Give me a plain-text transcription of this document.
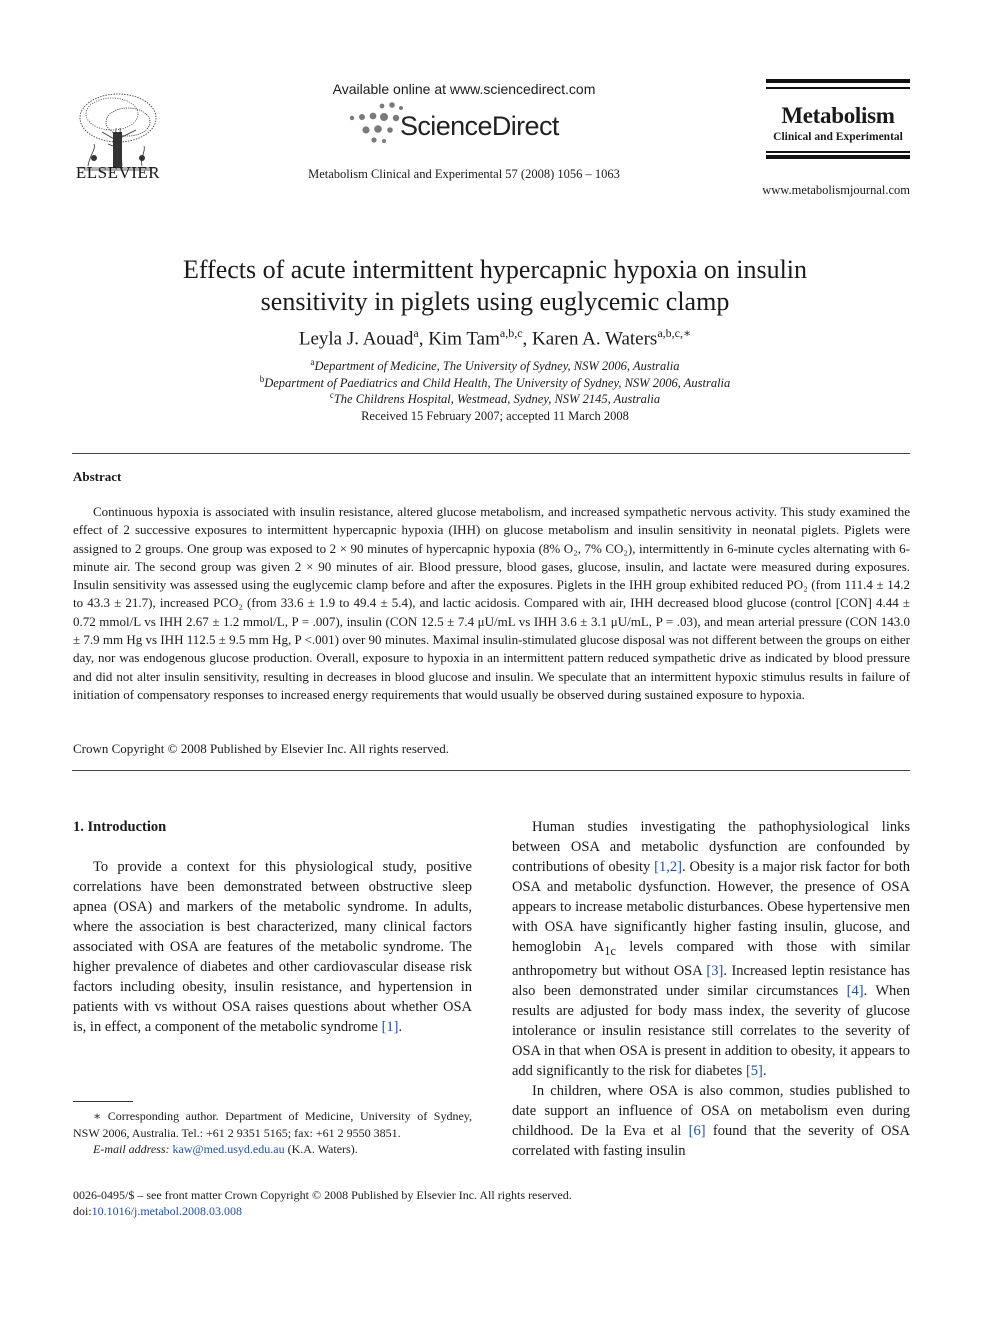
ELSEVIER
Available online at www.sciencedirect.com
ScienceDirect
Metabolism Clinical and Experimental 57 (2008) 1056 – 1063
Metabolism
Clinical and Experimental
www.metabolismjournal.com
Effects of acute intermittent hypercapnic hypoxia on insulin
sensitivity in piglets using euglycemic clamp
Leyla J. Aouad$^a$, Kim Tam$^{a,b,c}$, Karen A. Waters$^{a,b,c,∗}$
$^a$Department of Medicine, The University of Sydney, NSW 2006, Australia
$^b$Department of Paediatrics and Child Health, The University of Sydney, NSW 2006, Australia
$^c$The Childrens Hospital, Westmead, Sydney, NSW 2145, Australia
Received 15 February 2007; accepted 11 March 2008
Abstract
Continuous hypoxia is associated with insulin resistance, altered glucose metabolism, and increased sympathetic nervous activity. This study examined the effect of 2 successive exposures to intermittent hypercapnic hypoxia (IHH) on glucose metabolism and insulin sensitivity in neonatal piglets. Piglets were assigned to 2 groups. One group was exposed to 2 × 90 minutes of hypercapnic hypoxia (8% O₂, 7% CO₂), intermittently in 6-minute cycles alternating with 6-minute air. The second group was given 2 × 90 minutes of air. Blood pressure, blood gases, glucose, insulin, and lactate were measured during exposures. Insulin sensitivity was assessed using the euglycemic clamp before and after the exposures. Piglets in the IHH group exhibited reduced PO₂ (from 111.4 ± 14.2 to 43.3 ± 21.7), increased PCO₂ (from 33.6 ± 1.9 to 49.4 ± 5.4), and lactic acidosis. Compared with air, IHH decreased blood glucose (control [CON] 4.44 ± 0.72 mmol/L vs IHH 2.67 ± 1.2 mmol/L, P = .007), insulin (CON 12.5 ± 7.4 μU/mL vs IHH 3.6 ± 3.1 μU/mL, P = .03), and mean arterial pressure (CON 143.0 ± 7.9 mm Hg vs IHH 112.5 ± 9.5 mm Hg, P <.001) over 90 minutes. Maximal insulin-stimulated glucose disposal was not different between the groups on either day, nor was endogenous glucose production. Overall, exposure to hypoxia in an intermittent pattern reduced sympathetic drive as indicated by blood pressure and did not alter insulin sensitivity, resulting in decreases in blood glucose and insulin. We speculate that an intermittent hypoxic stimulus results in failure of initiation of compensatory responses to increased energy requirements that would usually be observed during sustained exposure to hypoxia.
Crown Copyright © 2008 Published by Elsevier Inc. All rights reserved.

1. Introduction

To provide a context for this physiological study, positive correlations have been demonstrated between obstructive sleep apnea (OSA) and markers of the metabolic syndrome. In adults, where the association is best characterized, many clinical factors associated with OSA are features of the metabolic syndrome. The higher prevalence of diabetes and other cardiovascular disease risk factors including obesity, insulin resistance, and hypertension in patients with vs without OSA raises questions about whether OSA is, in effect, a component of the metabolic syndrome [1].

Human studies investigating the pathophysiological links between OSA and metabolic dysfunction are confounded by contributions of obesity [1,2]. Obesity is a major risk factor for both OSA and metabolic dysfunction. However, the presence of OSA appears to increase metabolic disturbances. Obese hypertensive men with OSA have significantly higher fasting insulin, glucose, and hemoglobin $A_{1c}$ levels compared with those with similar anthropometry but without OSA [3]. Increased leptin resistance has also been demonstrated under similar circumstances [4]. When results are adjusted for body mass index, the severity of glucose intolerance or insulin resistance still correlates to the severity of OSA in that when OSA is present in addition to obesity, it appears to add significantly to the risk for diabetes [5].

In children, where OSA is also common, studies published to date support an influence of OSA on metabolism even during childhood. De la Eva et al [6] found that the severity of OSA correlated with fasting insulin

∗ Corresponding author. Department of Medicine, University of Sydney, NSW 2006, Australia. Tel.: +61 2 9351 5165; fax: +61 2 9550 3851.
E-mail address: kaw@med.usyd.edu.au (K.A. Waters).
0026-0495/$ – see front matter Crown Copyright © 2008 Published by Elsevier Inc. All rights reserved.
doi:10.1016/j.metabol.2008.03.008
